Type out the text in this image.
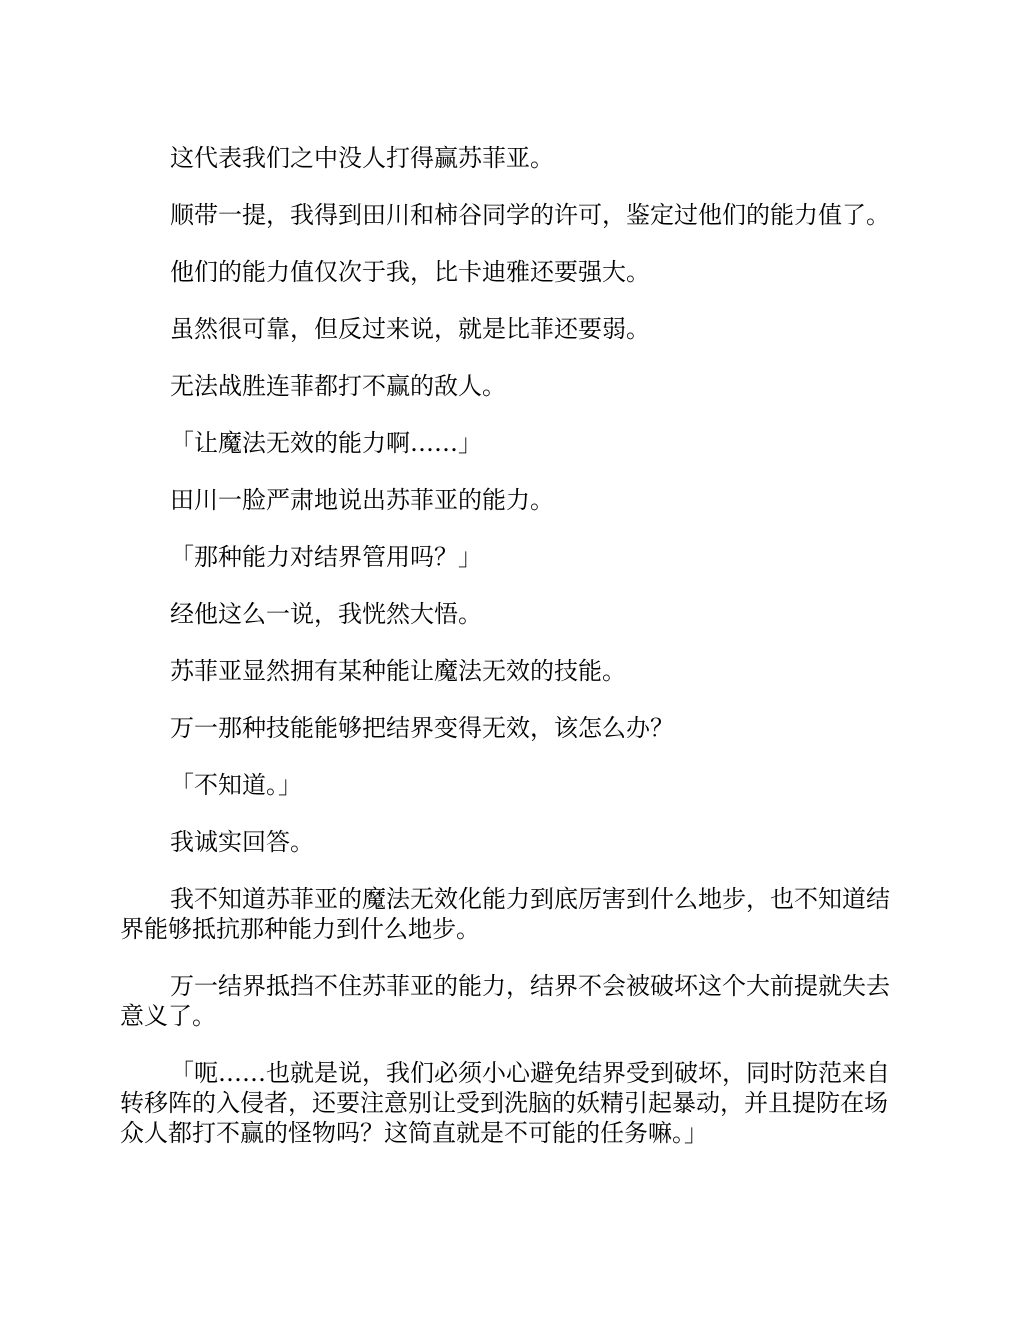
这代表我们之中没人打得赢苏菲亚。

顺带一提，我得到田川和柿谷同学的许可，鉴定过他们的能力值了。

他们的能力值仅次于我，比卡迪雅还要强大。

虽然很可靠，但反过来说，就是比菲还要弱。

无法战胜连菲都打不赢的敌人。

「让魔法无效的能力啊……」

田川一脸严肃地说出苏菲亚的能力。

「那种能力对结界管用吗？」

经他这么一说，我恍然大悟。

苏菲亚显然拥有某种能让魔法无效的技能。

万一那种技能能够把结界变得无效，该怎么办？

「不知道。」

我诚实回答。

我不知道苏菲亚的魔法无效化能力到底厉害到什么地步，也不知道结界能够抵抗那种能力到什么地步。

万一结界抵挡不住苏菲亚的能力，结界不会被破坏这个大前提就失去意义了。

「呃……也就是说，我们必须小心避免结界受到破坏，同时防范来自转移阵的入侵者，还要注意别让受到洗脑的妖精引起暴动，并且提防在场众人都打不赢的怪物吗？这简直就是不可能的任务嘛。」
